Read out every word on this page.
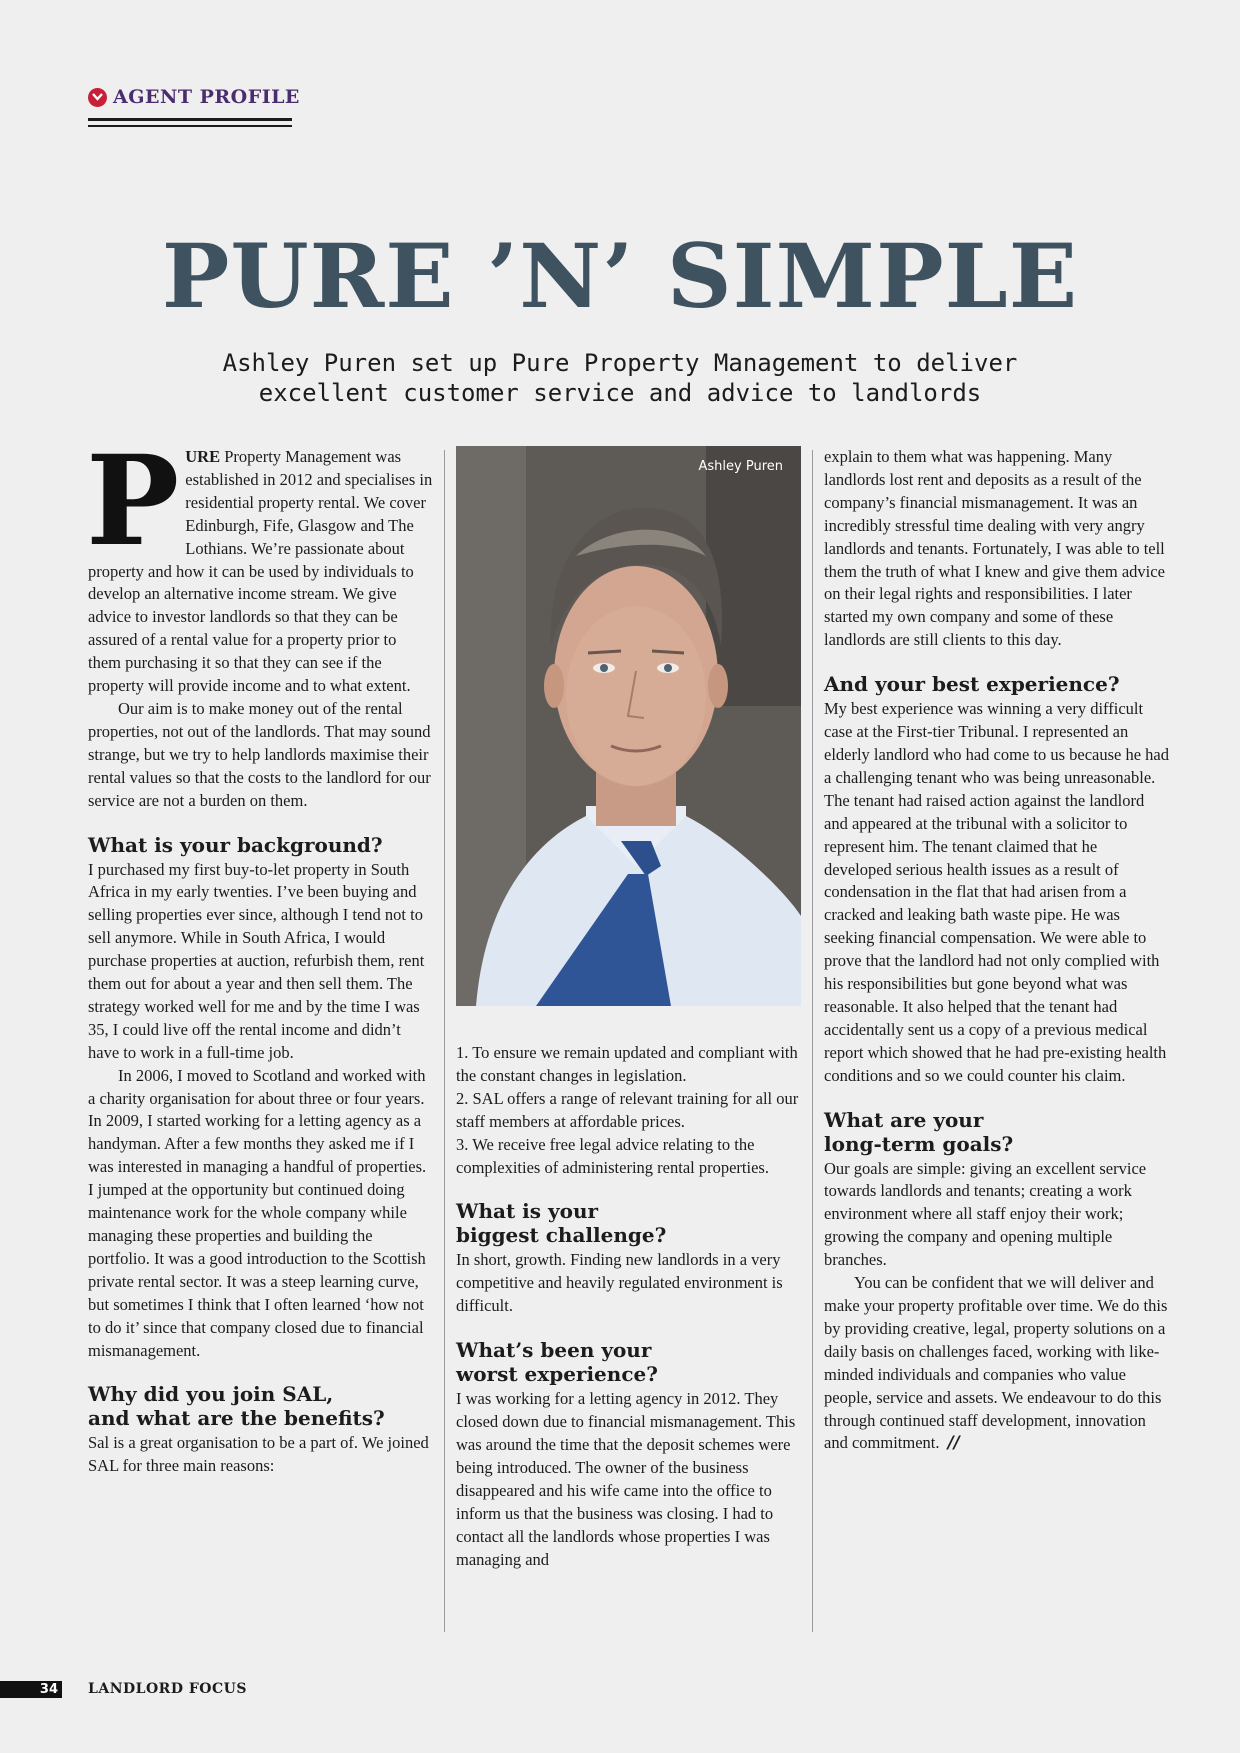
AGENT PROFILE
PURE ’N’ SIMPLE
Ashley Puren set up Pure Property Management to deliver excellent customer service and advice to landlords

PURE Property Management was established in 2012 and specialises in residential property rental. We cover Edinburgh, Fife, Glasgow and The Lothians. We’re passionate about property and how it can be used by individuals to develop an alternative income stream. We give advice to investor landlords so that they can be assured of a rental value for a property prior to them purchasing it so that they can see if the property will provide income and to what extent.

Our aim is to make money out of the rental properties, not out of the landlords. That may sound strange, but we try to help landlords maximise their rental values so that the costs to the landlord for our service are not a burden on them.

What is your background?

I purchased my first buy-to-let property in South Africa in my early twenties. I’ve been buying and selling properties ever since, although I tend not to sell anymore. While in South Africa, I would purchase properties at auction, refurbish them, rent them out for about a year and then sell them. The strategy worked well for me and by the time I was 35, I could live off the rental income and didn’t have to work in a full-time job.

In 2006, I moved to Scotland and worked with a charity organisation for about three or four years. In 2009, I started working for a letting agency as a handyman. After a few months they asked me if I was interested in managing a handful of properties. I jumped at the opportunity but continued doing maintenance work for the whole company while managing these properties and building the portfolio. It was a good introduction to the Scottish private rental sector. It was a steep learning curve, but sometimes I think that I often learned ‘how not to do it’ since that company closed due to financial mismanagement.

Why did you join SAL,
and what are the benefits?

Sal is a great organisation to be a part of. We joined SAL for three main reasons:

Ashley Puren

1. To ensure we remain updated and compliant with the constant changes in legislation.

2. SAL offers a range of relevant training for all our staff members at affordable prices.

3. We receive free legal advice relating to the complexities of administering rental properties.

What is your
biggest challenge?

In short, growth. Finding new landlords in a very competitive and heavily regulated environment is difficult.

What’s been your
worst experience?

I was working for a letting agency in 2012. They closed down due to financial mismanagement. This was around the time that the deposit schemes were being introduced. The owner of the business disappeared and his wife came into the office to inform us that the business was closing. I had to contact all the landlords whose properties I was managing and

explain to them what was happening. Many landlords lost rent and deposits as a result of the company’s financial mismanagement. It was an incredibly stressful time dealing with very angry landlords and tenants. Fortunately, I was able to tell them the truth of what I knew and give them advice on their legal rights and responsibilities. I later started my own company and some of these landlords are still clients to this day.

And your best experience?

My best experience was winning a very difficult case at the First-tier Tribunal. I represented an elderly landlord who had come to us because he had a challenging tenant who was being unreasonable. The tenant had raised action against the landlord and appeared at the tribunal with a solicitor to represent him. The tenant claimed that he developed serious health issues as a result of condensation in the flat that had arisen from a cracked and leaking bath waste pipe. He was seeking financial compensation. We were able to prove that the landlord had not only complied with his responsibilities but gone beyond what was reasonable. It also helped that the tenant had accidentally sent us a copy of a previous medical report which showed that he had pre-existing health conditions and so we could counter his claim.

What are your
long-term goals?

Our goals are simple: giving an excellent service towards landlords and tenants; creating a work environment where all staff enjoy their work; growing the company and opening multiple branches.

You can be confident that we will deliver and make your property profitable over time. We do this by providing creative, legal, property solutions on a daily basis on challenges faced, working with like-minded individuals and companies who value people, service and assets. We endeavour to do this through continued staff development, innovation and commitment. //

34 LANDLORD FOCUS
